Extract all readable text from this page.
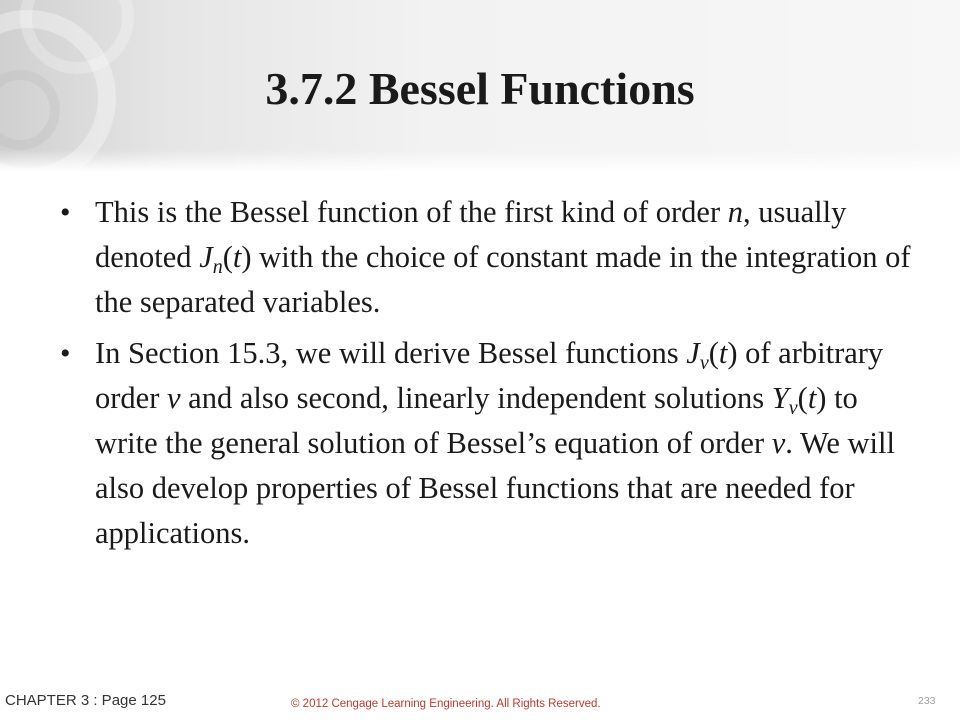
3.7.2 Bessel Functions
• This is the Bessel function of the first kind of order n, usually denoted $J_n(t)$ with the choice of constant made in the integration of the separated variables.
• In Section 15.3, we will derive Bessel functions $J_v(t)$ of arbitrary order v and also second, linearly independent solutions $Y_v(t)$ to write the general solution of Bessel’s equation of order v. We will also develop properties of Bessel functions that are needed for applications.
CHAPTER 3 : Page 125	© 2012 Cengage Learning Engineering. All Rights Reserved.	233
